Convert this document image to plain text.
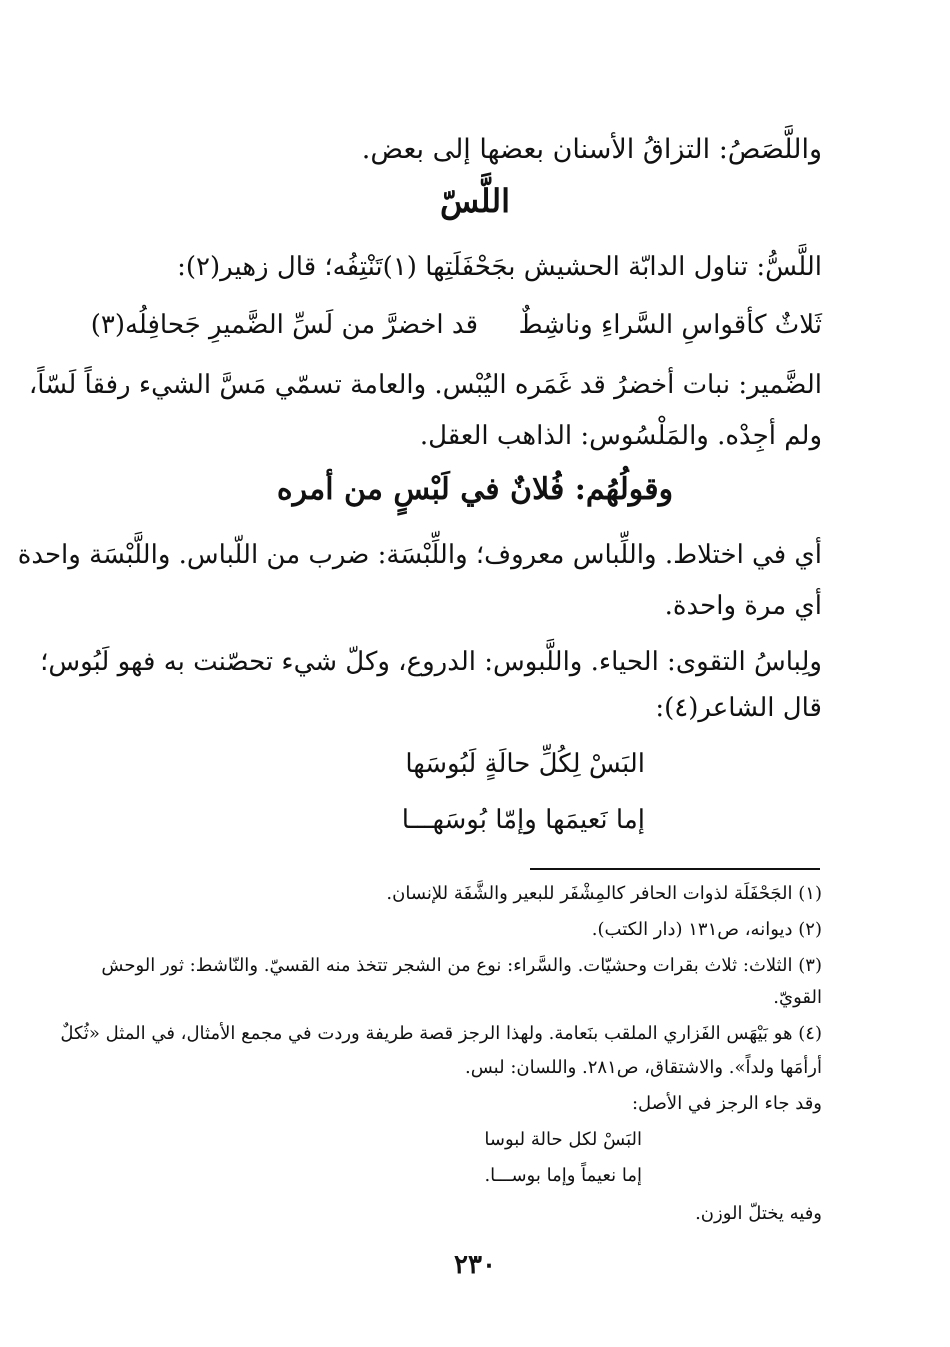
واللَّصَصُ: التزاقُ الأسنان بعضها إلى بعض.
اللَّسّ
اللَّسُّ: تناول الدابّة الحشيش بجَحْفَلَتِها (١)تَنْتِفُه؛ قال زهير(٢):
ثَلاثٌ كأقواسِ السَّراءِ وناشِطٌ
قد اخضرَّ من لَسِّ الضَّميرِ جَحافِلُه(٣)
الضَّمير: نبات أخضرُ قد غَمَره اليُبْس. والعامة تسمّي مَسَّ الشيء رفقاً لَسّاً،
ولم أجِدْه. والمَلْسُوس: الذاهب العقل.
وقولُهُم: فُلانٌ في لَبْسٍ من أمره
أي في اختلاط. واللِّباس معروف؛ واللِّبْسَة: ضرب من اللّباس. واللَّبْسَة واحدة
أي مرة واحدة.
ولِباسُ التقوى: الحياء. واللَّبوس: الدروع، وكلّ شيء تحصّنت به فهو لَبُوس؛
قال الشاعر(٤):
البَسْ لِكُلِّ حالَةٍ لَبُوسَها
إما نَعيمَها وإمّا بُوسَهـــا
(١) الجَحْفَلَة لذوات الحافر كالمِشْفَر للبعير والشَّفَة للإنسان.
(٢) ديوانه، ص١٣١ (دار الكتب).
(٣) الثلاث: ثلاث بقرات وحشيّات. والسَّراء: نوع من الشجر تتخذ منه القسيّ. والنّاشط: ثور الوحش
القويّ.
(٤) هو بَيْهَس الفَزاري الملقب بنَعامة. ولهذا الرجز قصة طريفة وردت في مجمع الأمثال، في المثل «ثُكلٌ
أرأمَها ولداً». والاشتقاق، ص٢٨١. واللسان: لبس.
وقد جاء الرجز في الأصل:
البَسْ لكل حالة لبوسا
إما نعيماً وإما بوســـا.
وفيه يختلّ الوزن.
٢٣٠
